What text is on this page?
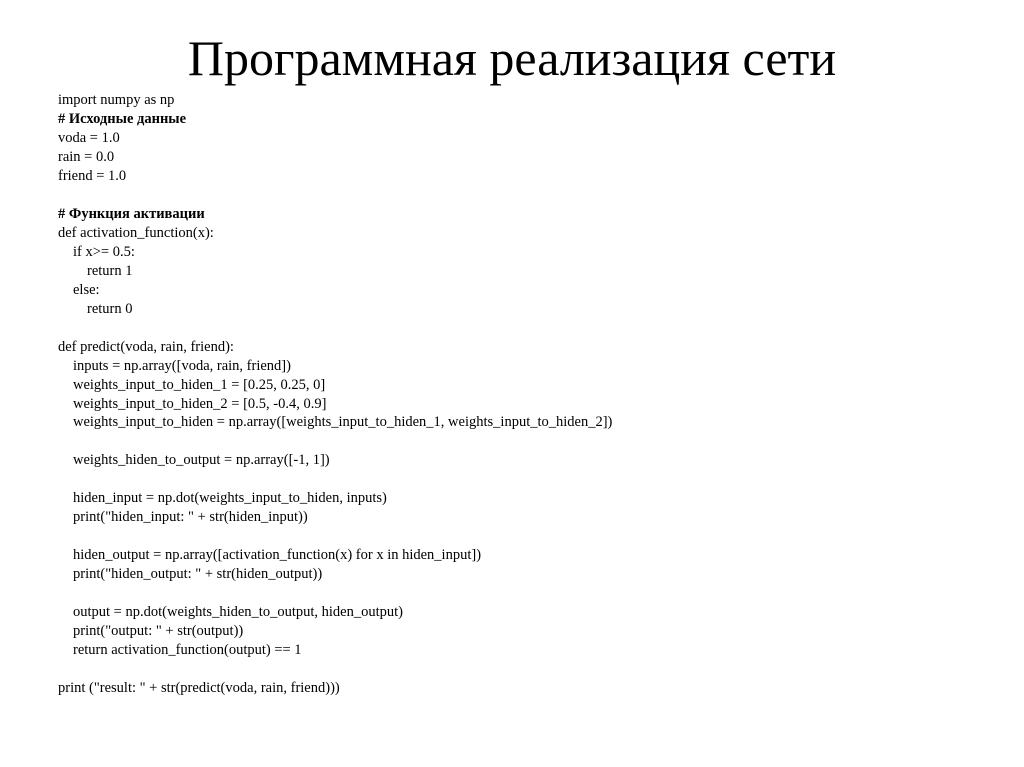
Программная реализация сети
import numpy as np
# Исходные данные
voda = 1.0
rain = 0.0
friend = 1.0
# Функция активации
def activation_function(x):
if x>= 0.5:
return 1
else:
return 0
def predict(voda, rain, friend):
inputs = np.array([voda, rain, friend])
weights_input_to_hiden_1 = [0.25, 0.25, 0]
weights_input_to_hiden_2 = [0.5, -0.4, 0.9]
weights_input_to_hiden = np.array([weights_input_to_hiden_1, weights_input_to_hiden_2])
weights_hiden_to_output = np.array([-1, 1])
hiden_input = np.dot(weights_input_to_hiden, inputs)
print("hiden_input: " + str(hiden_input))
hiden_output = np.array([activation_function(x) for x in hiden_input])
print("hiden_output: " + str(hiden_output))
output = np.dot(weights_hiden_to_output, hiden_output)
print("output: " + str(output))
return activation_function(output) == 1
print ("result: " + str(predict(voda, rain, friend)))
